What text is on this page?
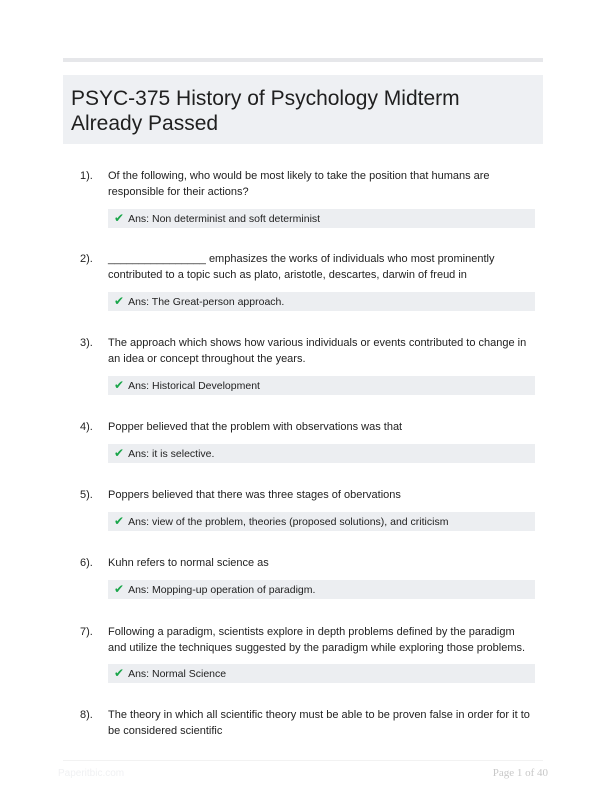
PSYC-375 History of Psychology Midterm Already Passed
1). Of the following, who would be most likely to take the position that humans are responsible for their actions?
✔ Ans: Non determinist and soft determinist
2). ________________ emphasizes the works of individuals who most prominently contributed to a topic such as plato, aristotle, descartes, darwin of freud in
✔ Ans: The Great-person approach.
3). The approach which shows how various individuals or events contributed to change in an idea or concept throughout the years.
✔ Ans: Historical Development
4). Popper believed that the problem with observations was that
✔ Ans: it is selective.
5). Poppers believed that there was three stages of obervations
✔ Ans: view of the problem, theories (proposed solutions), and criticism
6). Kuhn refers to normal science as
✔ Ans: Mopping-up operation of paradigm.
7). Following a paradigm, scientists explore in depth problems defined by the paradigm and utilize the techniques suggested by the paradigm while exploring those problems.
✔ Ans: Normal Science
8). The theory in which all scientific theory must be able to be proven false in order for it to be considered scientific
Paperitbic.com	Page 1 of 40
